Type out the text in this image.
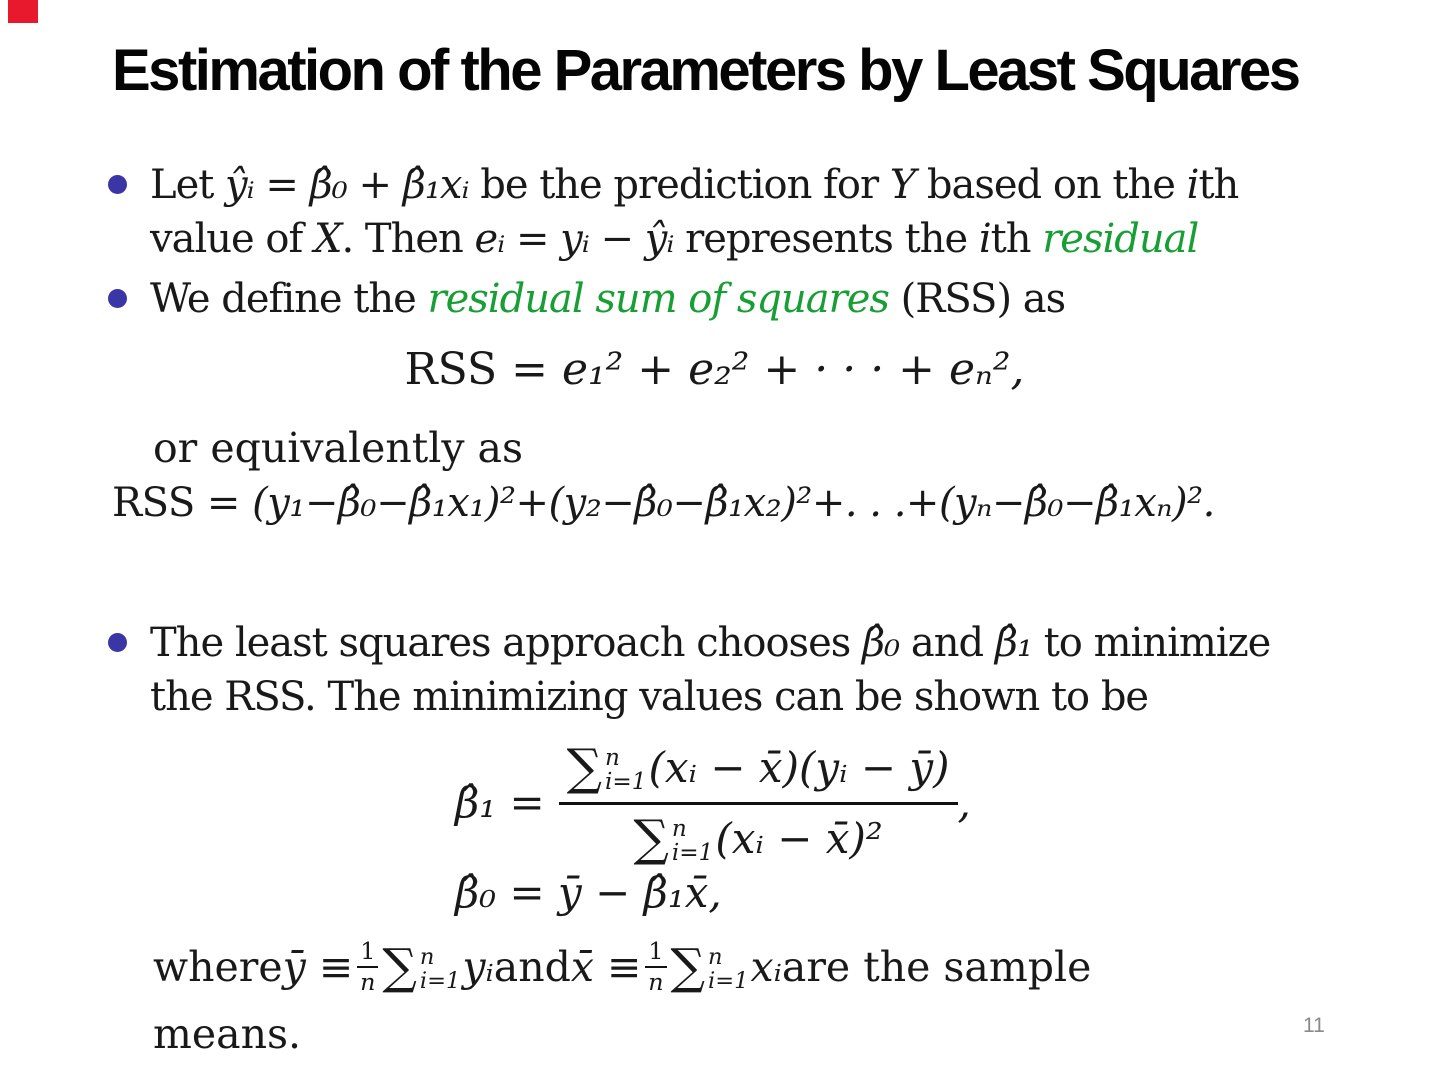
Estimation of the Parameters by Least Squares
Let ŷᵢ = β̂₀ + β̂₁xᵢ be the prediction for Y based on the ith
value of X. Then eᵢ = yᵢ − ŷᵢ represents the ith residual
We define the residual sum of squares (RSS) as
RSS = e₁² + e₂² + · · · + eₙ²,
or equivalently as
RSS = (y₁−β̂₀−β̂₁x₁)²+(y₂−β̂₀−β̂₁x₂)²+. . .+(yₙ−β̂₀−β̂₁xₙ)².
The least squares approach chooses β̂₀ and β̂₁ to minimize
the RSS. The minimizing values can be shown to be
β̂₁ = ∑ n
i=1 (xᵢ − x̄)(yᵢ − ȳ)
∑ n
i=1 (xᵢ − x̄)² ,
β̂₀ = ȳ − β̂₁x̄,
where ȳ ≡ $\frac{1}{n}$ ∑ n
i=1 yᵢ and x̄ ≡ $\frac{1}{n}$ ∑ n
i=1 xᵢ are the sample
means.	11
